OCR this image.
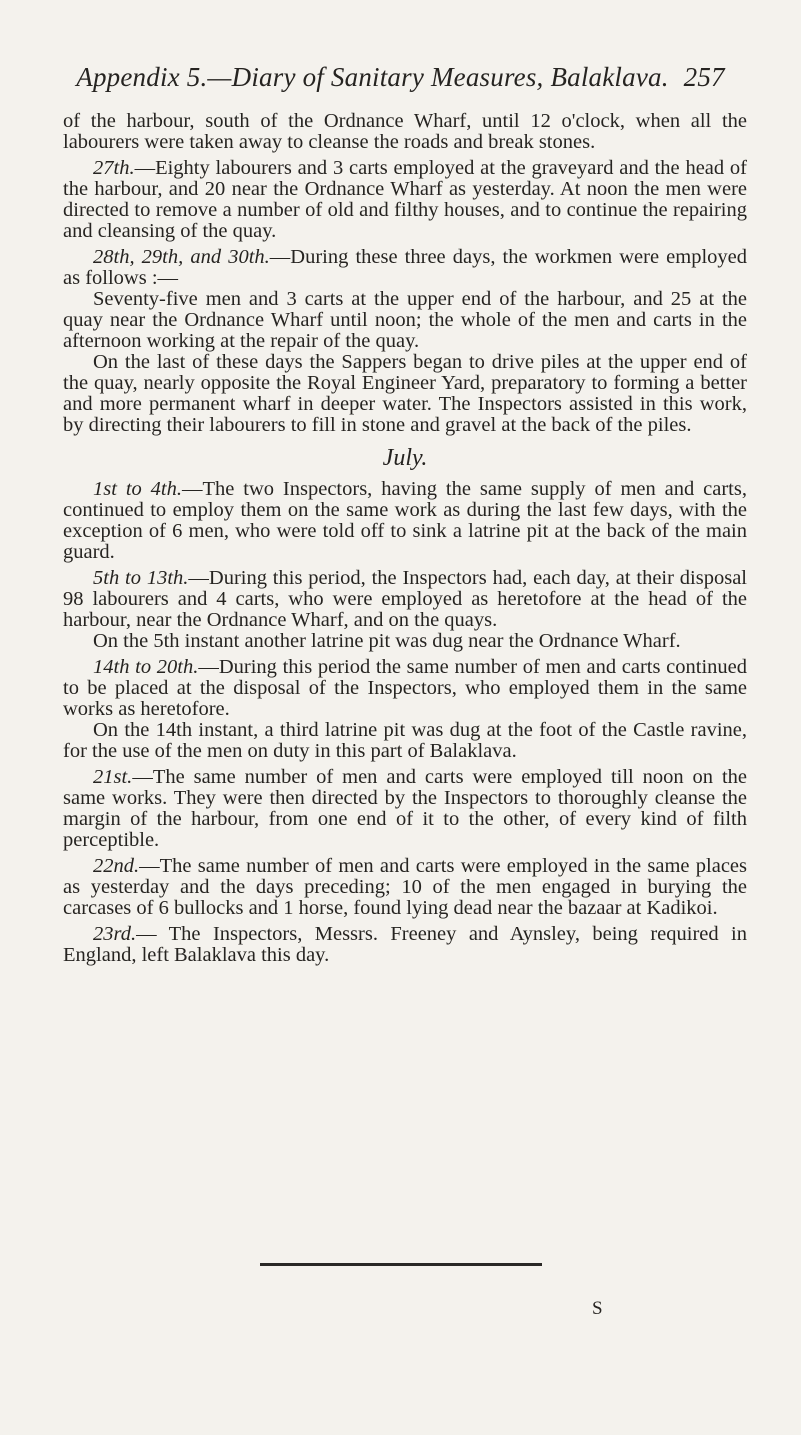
Appendix 5.—Diary of Sanitary Measures, Balaklava. 257

of the harbour, south of the Ordnance Wharf, until 12 o'clock, when all the labourers were taken away to cleanse the roads and break stones.

27th.—Eighty labourers and 3 carts employed at the graveyard and the head of the harbour, and 20 near the Ordnance Wharf as yesterday. At noon the men were directed to remove a number of old and filthy houses, and to continue the repairing and cleansing of the quay.

28th, 29th, and 30th.—During these three days, the workmen were employed as follows :—

Seventy-five men and 3 carts at the upper end of the harbour, and 25 at the quay near the Ordnance Wharf until noon; the whole of the men and carts in the afternoon working at the repair of the quay.

On the last of these days the Sappers began to drive piles at the upper end of the quay, nearly opposite the Royal Engineer Yard, preparatory to forming a better and more permanent wharf in deeper water. The Inspectors assisted in this work, by directing their labourers to fill in stone and gravel at the back of the piles.

July.

1st to 4th.—The two Inspectors, having the same supply of men and carts, continued to employ them on the same work as during the last few days, with the exception of 6 men, who were told off to sink a latrine pit at the back of the main guard.

5th to 13th.—During this period, the Inspectors had, each day, at their disposal 98 labourers and 4 carts, who were employed as heretofore at the head of the harbour, near the Ordnance Wharf, and on the quays.

On the 5th instant another latrine pit was dug near the Ordnance Wharf.

14th to 20th.—During this period the same number of men and carts continued to be placed at the disposal of the Inspectors, who employed them in the same works as heretofore.

On the 14th instant, a third latrine pit was dug at the foot of the Castle ravine, for the use of the men on duty in this part of Balaklava.

21st.—The same number of men and carts were employed till noon on the same works. They were then directed by the Inspectors to thoroughly cleanse the margin of the harbour, from one end of it to the other, of every kind of filth perceptible.

22nd.—The same number of men and carts were employed in the same places as yesterday and the days preceding; 10 of the men engaged in burying the carcases of 6 bullocks and 1 horse, found lying dead near the bazaar at Kadikoi.

23rd.— The Inspectors, Messrs. Freeney and Aynsley, being required in England, left Balaklava this day.

S
